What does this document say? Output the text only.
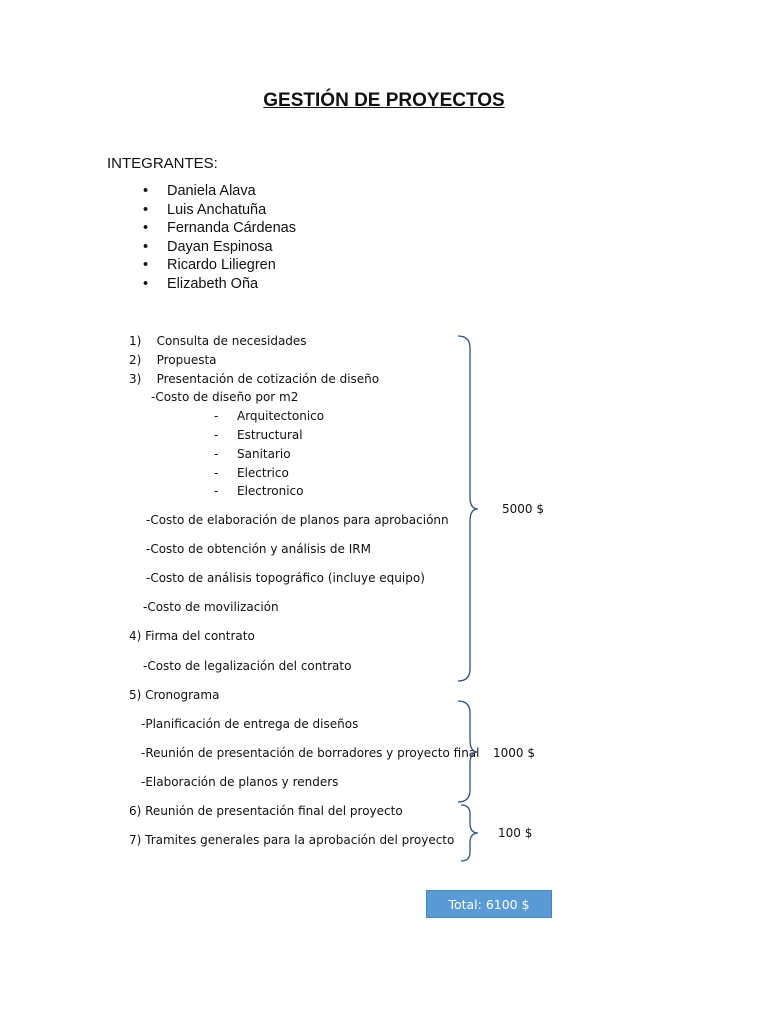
GESTIÓN DE PROYECTOS
INTEGRANTES:
• Daniela Alava
• Luis Anchatuña
• Fernanda Cárdenas
• Dayan Espinosa
• Ricardo Liliegren
• Elizabeth Oña
1)    Consulta de necesidades
2)    Propuesta
3)    Presentación de cotización de diseño
-Costo de diseño por m2
- Arquitectonico
- Estructural
- Sanitario
- Electrico
- Electronico
-Costo de elaboración de planos para aprobaciónn
-Costo de obtención y análisis de IRM
-Costo de análisis topográfico (incluye equipo)
-Costo de movilización
4) Firma del contrato
-Costo de legalización del contrato
5) Cronograma
-Planificación de entrega de diseños
-Reunión de presentación de borradores y proyecto final
-Elaboración de planos y renders
6) Reunión de presentación final del proyecto
7) Tramites generales para la aprobación del proyecto
5000 $
1000 $
100 $
Total: 6100 $
